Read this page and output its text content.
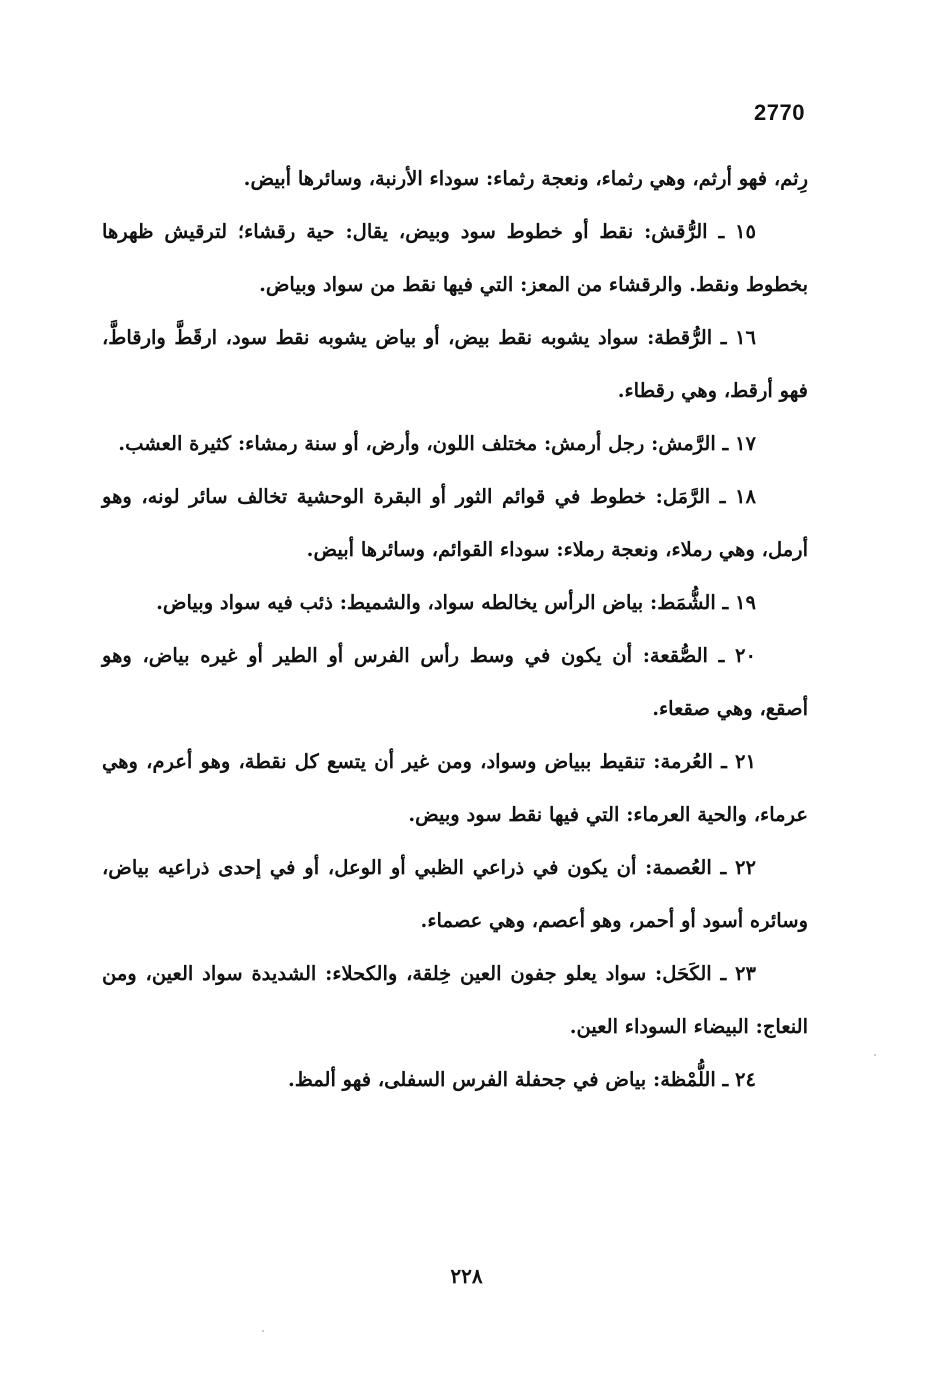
2770

رِثم، فهو أرثم، وهي رثماء، ونعجة رثماء: سوداء الأرنبة، وسائرها أبيض.

١٥ ـ الرُّقش: نقط أو خطوط سود وبيض، يقال: حية رقشاء؛ لترقيش ظهرها بخطوط ونقط. والرقشاء من المعز: التي فيها نقط من سواد وبياض.

١٦ ـ الرُّقطة: سواد يشوبه نقط بيض، أو بياض يشوبه نقط سود، ارقَطَّ وارقاطَّ، فهو أرقط، وهي رقطاء.

١٧ ـ الرَّمش: رجل أرمش: مختلف اللون، وأرض، أو سنة رمشاء: كثيرة العشب.

١٨ ـ الرَّمَل: خطوط في قوائم الثور أو البقرة الوحشية تخالف سائر لونه، وهو أرمل، وهي رملاء، ونعجة رملاء: سوداء القوائم، وسائرها أبيض.

١٩ ـ الشُّمَط: بياض الرأس يخالطه سواد، والشميط: ذئب فيه سواد وبياض.

٢٠ ـ الصُّقعة: أن يكون في وسط رأس الفرس أو الطير أو غيره بياض، وهو أصقع، وهي صقعاء.

٢١ ـ العُرمة: تنقيط ببياض وسواد، ومن غير أن يتسع كل نقطة، وهو أعرم، وهي عرماء، والحية العرماء: التي فيها نقط سود وبيض.

٢٢ ـ العُصمة: أن يكون في ذراعي الظبي أو الوعل، أو في إحدى ذراعيه بياض، وسائره أسود أو أحمر، وهو أعصم، وهي عصماء.

٢٣ ـ الكَحَل: سواد يعلو جفون العين خِلقة، والكحلاء: الشديدة سواد العين، ومن النعاج: البيضاء السوداء العين.

٢٤ ـ اللُّمْظة: بياض في جحفلة الفرس السفلى، فهو ألمظ.

٢٢٨
